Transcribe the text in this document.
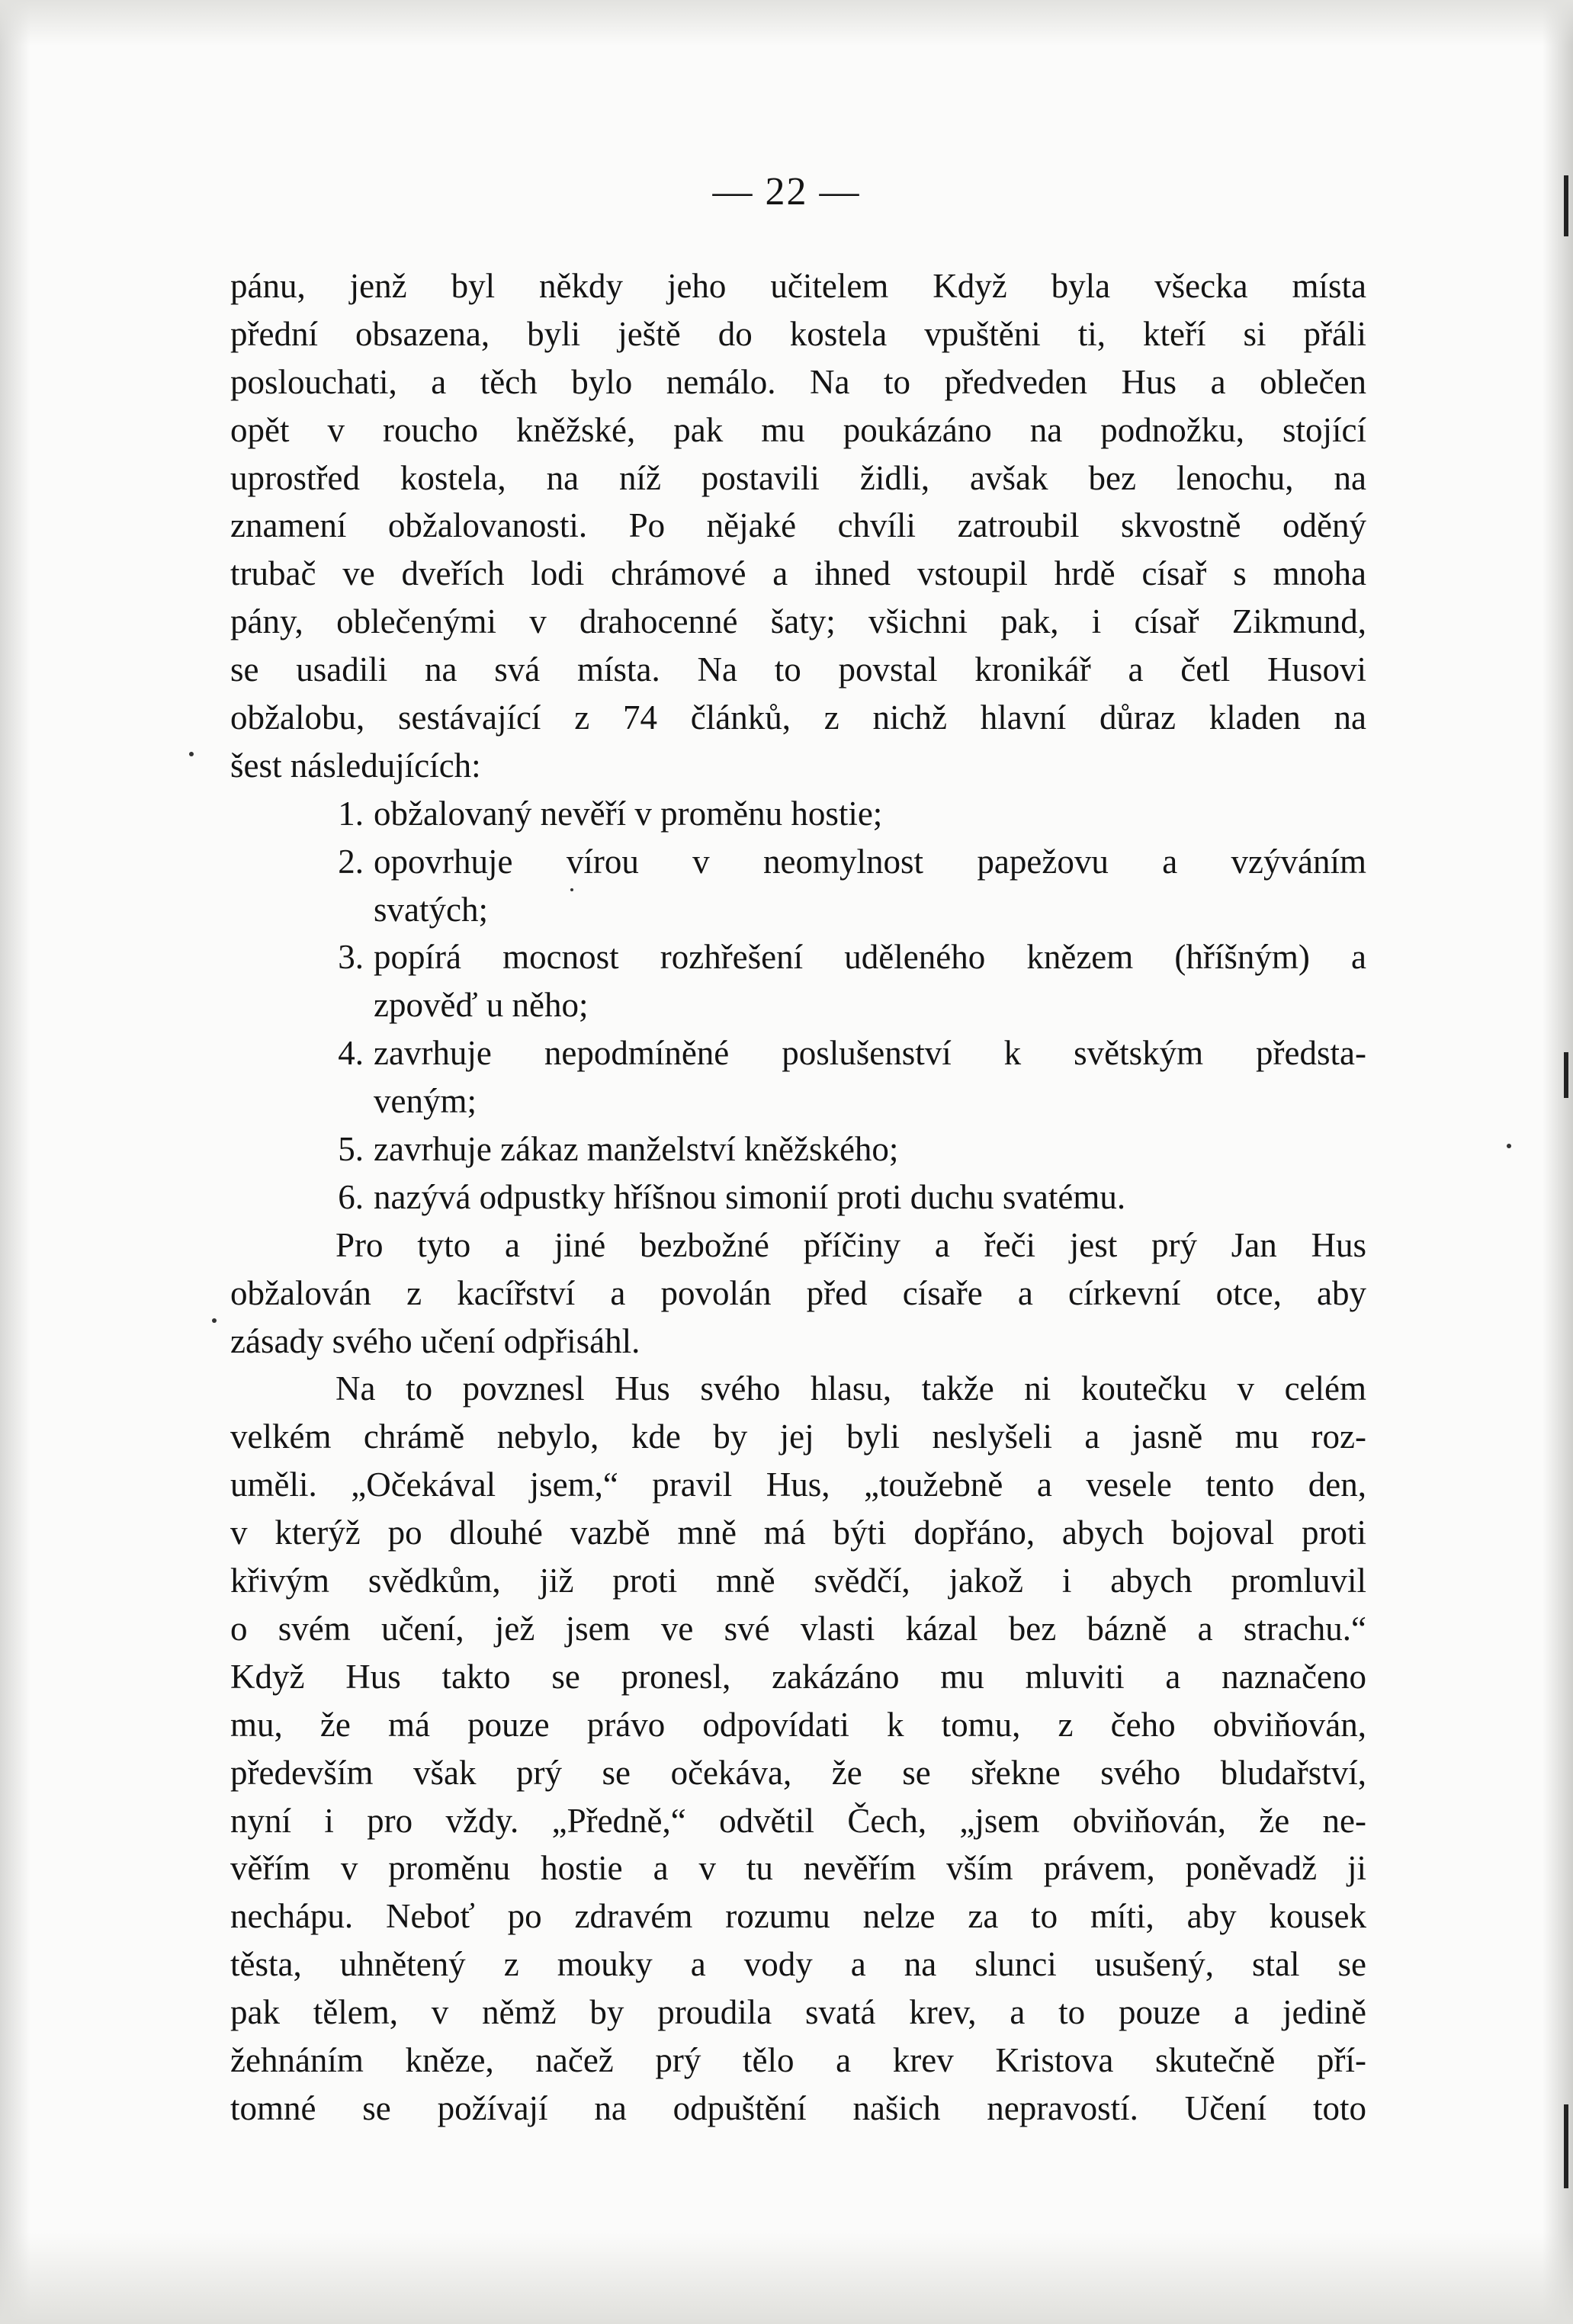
— 22 —
pánu, jenž byl někdy jeho učitelem Když byla všecka místa
přední obsazena, byli ještě do kostela vpuštěni ti, kteří si přáli
poslouchati, a těch bylo nemálo. Na to předveden Hus a oblečen
opět v roucho kněžské, pak mu poukázáno na podnožku, stojící
uprostřed kostela, na níž postavili židli, avšak bez lenochu, na
znamení obžalovanosti. Po nějaké chvíli zatroubil skvostně oděný
trubač ve dveřích lodi chrámové a ihned vstoupil hrdě císař s mnoha
pány, oblečenými v drahocenné šaty; všichni pak, i císař Zikmund,
se usadili na svá místa. Na to povstal kronikář a četl Husovi
obžalobu, sestávající z 74 článků, z nichž hlavní důraz kladen na
šest následujících:
1. obžalovaný nevěří v proměnu hostie;
2. opovrhuje vírou v neomylnost papežovu a vzýváním
svatých;
3. popírá mocnost rozhřešení uděleného knězem (hříšným) a
zpověď u něho;
4. zavrhuje nepodmíněné poslušenství k světským předsta-
veným;
5. zavrhuje zákaz manželství kněžského;
6. nazývá odpustky hříšnou simonií proti duchu svatému.
Pro tyto a jiné bezbožné příčiny a řeči jest prý Jan Hus
obžalován z kacířství a povolán před císaře a církevní otce, aby
zásady svého učení odpřisáhl.
Na to povznesl Hus svého hlasu, takže ni koutečku v celém
velkém chrámě nebylo, kde by jej byli neslyšeli a jasně mu roz-
uměli. „Očekával jsem,“ pravil Hus, „toužebně a vesele tento den,
v kterýž po dlouhé vazbě mně má býti dopřáno, abych bojoval proti
křivým svědkům, již proti mně svědčí, jakož i abych promluvil
o svém učení, jež jsem ve své vlasti kázal bez bázně a strachu.“
Když Hus takto se pronesl, zakázáno mu mluviti a naznačeno
mu, že má pouze právo odpovídati k tomu, z čeho obviňován,
především však prý se očekáva, že se sřekne svého bludařství,
nyní i pro vždy. „Předně,“ odvětil Čech, „jsem obviňován, že ne-
věřím v proměnu hostie a v tu nevěřím vším právem, poněvadž ji
nechápu. Neboť po zdravém rozumu nelze za to míti, aby kousek
těsta, uhnětený z mouky a vody a na slunci usušený, stal se
pak tělem, v němž by proudila svatá krev, a to pouze a jedině
žehnáním kněze, načež prý tělo a krev Kristova skutečně pří-
tomné se požívají na odpuštění našich nepravostí. Učení toto
